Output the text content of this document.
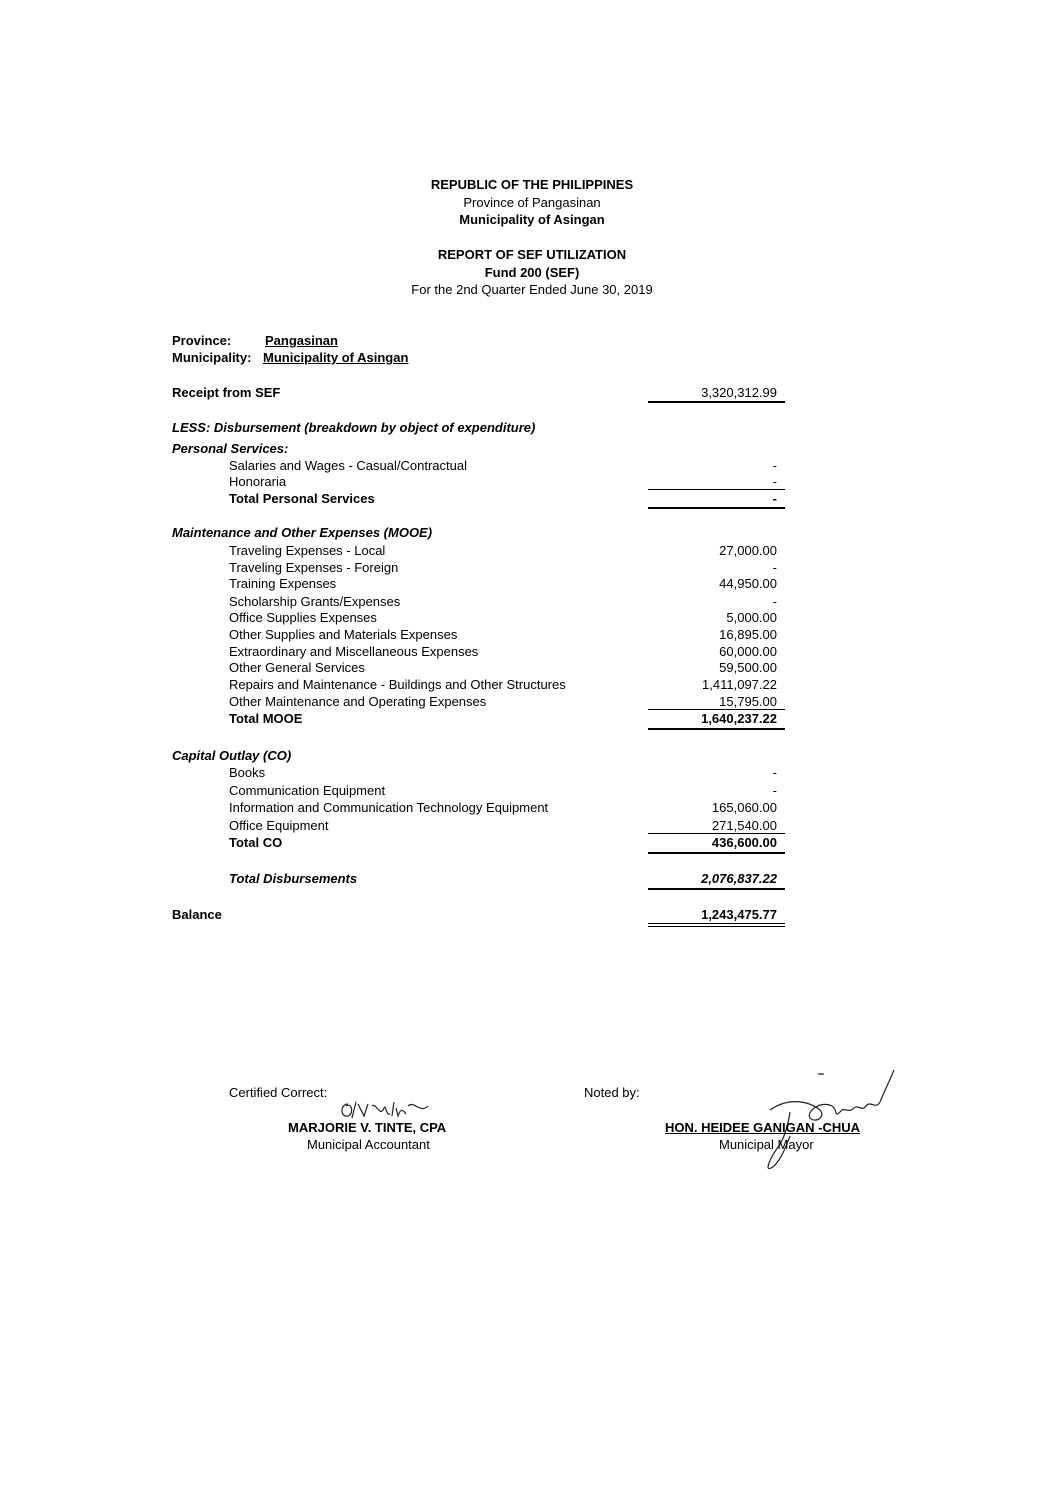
REPUBLIC OF THE PHILIPPINES
Province of Pangasinan
Municipality of Asingan
REPORT OF SEF UTILIZATION
Fund 200 (SEF)
For the 2nd Quarter Ended June 30, 2019
Province:	Pangasinan
Municipality: Municipality of Asingan
Receipt from SEF	3,320,312.99
LESS: Disbursement (breakdown by object of expenditure)
Personal Services:
Salaries and Wages - Casual/Contractual	-
Honoraria	-
Total Personal Services	-
Maintenance and Other Expenses (MOOE)
Traveling Expenses - Local	27,000.00
Traveling Expenses - Foreign	-
Training Expenses	44,950.00
Scholarship Grants/Expenses	-
Office Supplies Expenses	5,000.00
Other Supplies and Materials Expenses	16,895.00
Extraordinary and Miscellaneous Expenses	60,000.00
Other General Services	59,500.00
Repairs and Maintenance - Buildings and Other Structures	1,411,097.22
Other Maintenance and Operating Expenses	15,795.00
Total MOOE	1,640,237.22
Capital Outlay (CO)
Books	-
Communication Equipment	-
Information and Communication Technology Equipment	165,060.00
Office Equipment	271,540.00
Total CO	436,600.00
Total Disbursements	2,076,837.22
Balance	1,243,475.77
Certified Correct:
MARJORIE V. TINTE, CPA
Municipal Accountant
Noted by:
HON. HEIDEE GANIGAN -CHUA
Municipal Mayor
